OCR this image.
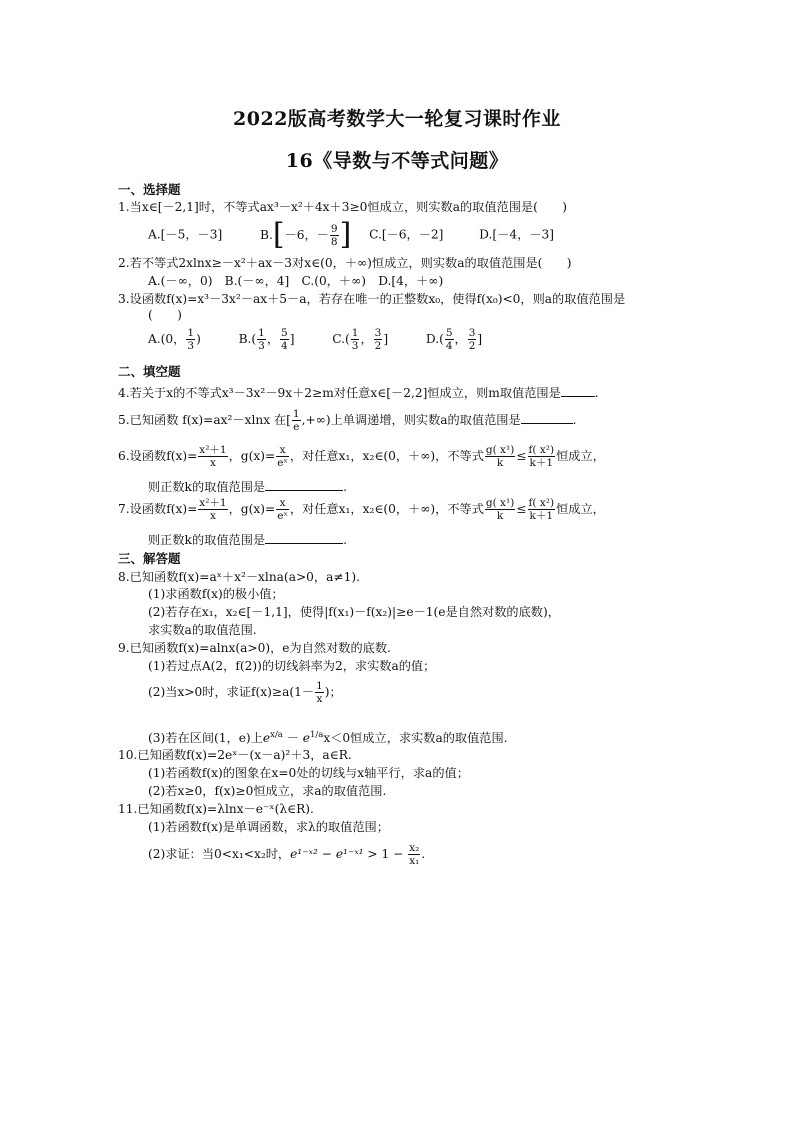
2022版高考数学大一轮复习课时作业
16《导数与不等式问题》
一、选择题
1.当x∈[－2,1]时，不等式ax³－x²＋4x＋3≥0恒成立，则实数a的取值范围是(　　)
A.[－5，－3]	B.[－6，－ $\frac{9}{8}$ ] C.[－6，－2]	D.[－4，－3]
2.若不等式2xlnx≥－x²＋ax－3对x∈(0，＋∞)恒成立，则实数a的取值范围是(　　)
A.(－∞，0)　B.(－∞，4]　C.(0，＋∞)　D.[4，＋∞)
3.设函数f(x)=x³－3x²－ax＋5－a，若存在唯一的正整数x₀，使得f(x₀)<0，则a的取值范围是
(　　)
A.(0， $\frac{1}{3}$ )	$B.( \frac{1}{3}$ ， $\frac{5}{4}$ ]	$C.( \frac{1}{3}$ ， $\frac{3}{2}$ ]	$D.( \frac{5}{4}$ ， $\frac{3}{2}$ ]
二、填空题
4.若关于x的不等式x³－3x²－9x＋2≥m对任意x∈[－2,2]恒成立，则m取值范围是	.
5.已知函数 f(x)=ax²－xlnx 在[ $\frac{1}{e}$ ,+∞)上单调递增，则实数a的取值范围是	.
6.设函数$f(x)= \frac{\text{x²＋1}}{x}$ ，$g(x)= \frac{x}{\text{eˣ}}$ ，对任意x₁，x₂∈(0，＋∞)，不等式 $\frac{\text{g( x¹)}}{k} \le \frac{\text{f( x²)}}{k+1}$ 恒成立，
则正数k的取值范围是	.
7.设函数$f(x)= \frac{\text{x²＋1}}{x}$ ，$g(x)= \frac{x}{\text{eˣ}}$ ，对任意x₁，x₂∈(0，＋∞)，不等式 $\frac{\text{g( x¹)}}{k} \le \frac{\text{f( x²)}}{k+1}$ 恒成立，
则正数k的取值范围是	.
三、解答题
8.已知函数f(x)=aˣ＋x²－xlna(a>0，a≠1).
(1)求函数f(x)的极小值；
(2)若存在x₁，x₂∈[－1,1]，使得|f(x₁)－f(x₂)|≥e－1(e是自然对数的底数)，
求实数a的取值范围.
9.已知函数f(x)=alnx(a>0)，e为自然对数的底数.
(1)若过点A(2，f(2))的切线斜率为2，求实数a的值；
(2)当x>0时，求证$f(x)\ge a(1- \frac{1}{x}$ )；
(3)若在区间(1，e)上$e^{x/a} - e^{1/a}x<0$恒成立，求实数a的取值范围.
10.已知函数f(x)=2eˣ－(x－a)²＋3，a∈R.
(1)若函数f(x)的图象在x=0处的切线与x轴平行，求a的值；
(2)若x≥0，f(x)≥0恒成立，求a的取值范围.
11.已知函数f(x)=λlnx－e⁻ˣ(λ∈R).
(1)若函数f(x)是单调函数，求λ的取值范围；
(2)求证：当0<x₁<x₂时，e¹⁻ˣ² − e¹⁻ˣ¹ > $1 - \frac{\text{x₂}}{\text{x₁}}$ .
